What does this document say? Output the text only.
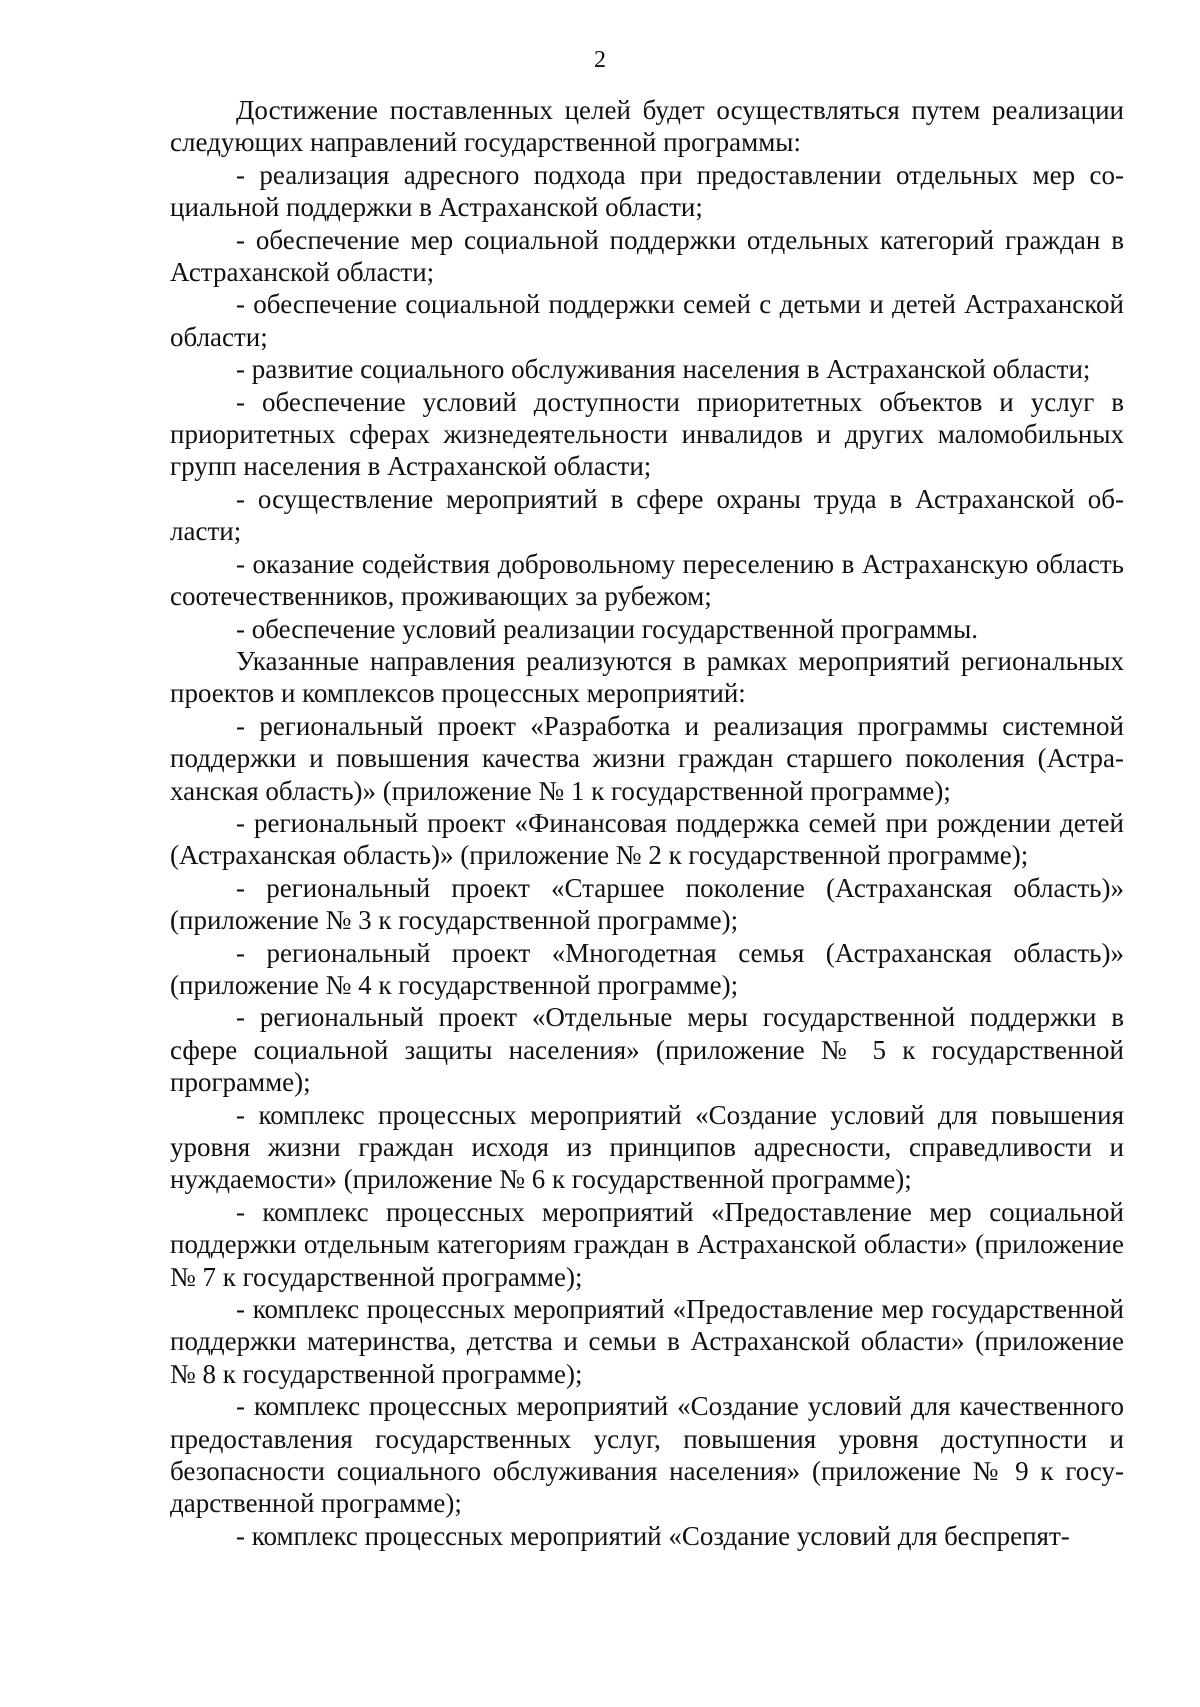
2

Достижение поставленных целей будет осуществляться путем реализации следующих направлений государственной программы:

- реализация адресного подхода при предоставлении отдельных мер социальной поддержки в Астраханской области;

- обеспечение мер социальной поддержки отдельных категорий граждан в Астраханской области;

- обеспечение социальной поддержки семей с детьми и детей Астраханской области;

- развитие социального обслуживания населения в Астраханской области;

- обеспечение условий доступности приоритетных объектов и услуг в приоритетных сферах жизнедеятельности инвалидов и других маломобильных групп населения в Астраханской области;

- осуществление мероприятий в сфере охраны труда в Астраханской области;

- оказание содействия добровольному переселению в Астраханскую область соотечественников, проживающих за рубежом;

- обеспечение условий реализации государственной программы.

Указанные направления реализуются в рамках мероприятий региональных проектов и комплексов процессных мероприятий:

- региональный проект «Разработка и реализация программы системной поддержки и повышения качества жизни граждан старшего поколения (Астраханская область)» (приложение № 1 к государственной программе);

- региональный проект «Финансовая поддержка семей при рождении детей (Астраханская область)» (приложение № 2 к государственной программе);

- региональный проект «Старшее поколение (Астраханская область)» (приложение № 3 к государственной программе);

- региональный проект «Многодетная семья (Астраханская область)» (приложение № 4 к государственной программе);

- региональный проект «Отдельные меры государственной поддержки в сфере социальной защиты населения» (приложение № 5 к государственной программе);

- комплекс процессных мероприятий «Создание условий для повышения уровня жизни граждан исходя из принципов адресности, справедливости и нуждаемости» (приложение № 6 к государственной программе);

- комплекс процессных мероприятий «Предоставление мер социальной поддержки отдельным категориям граждан в Астраханской области» (приложение № 7 к государственной программе);

- комплекс процессных мероприятий «Предоставление мер государственной поддержки материнства, детства и семьи в Астраханской области» (приложение № 8 к государственной программе);

- комплекс процессных мероприятий «Создание условий для качественного предоставления государственных услуг, повышения уровня доступности и безопасности социального обслуживания населения» (приложение № 9 к государственной программе);

- комплекс процессных мероприятий «Создание условий для беспрепят-
